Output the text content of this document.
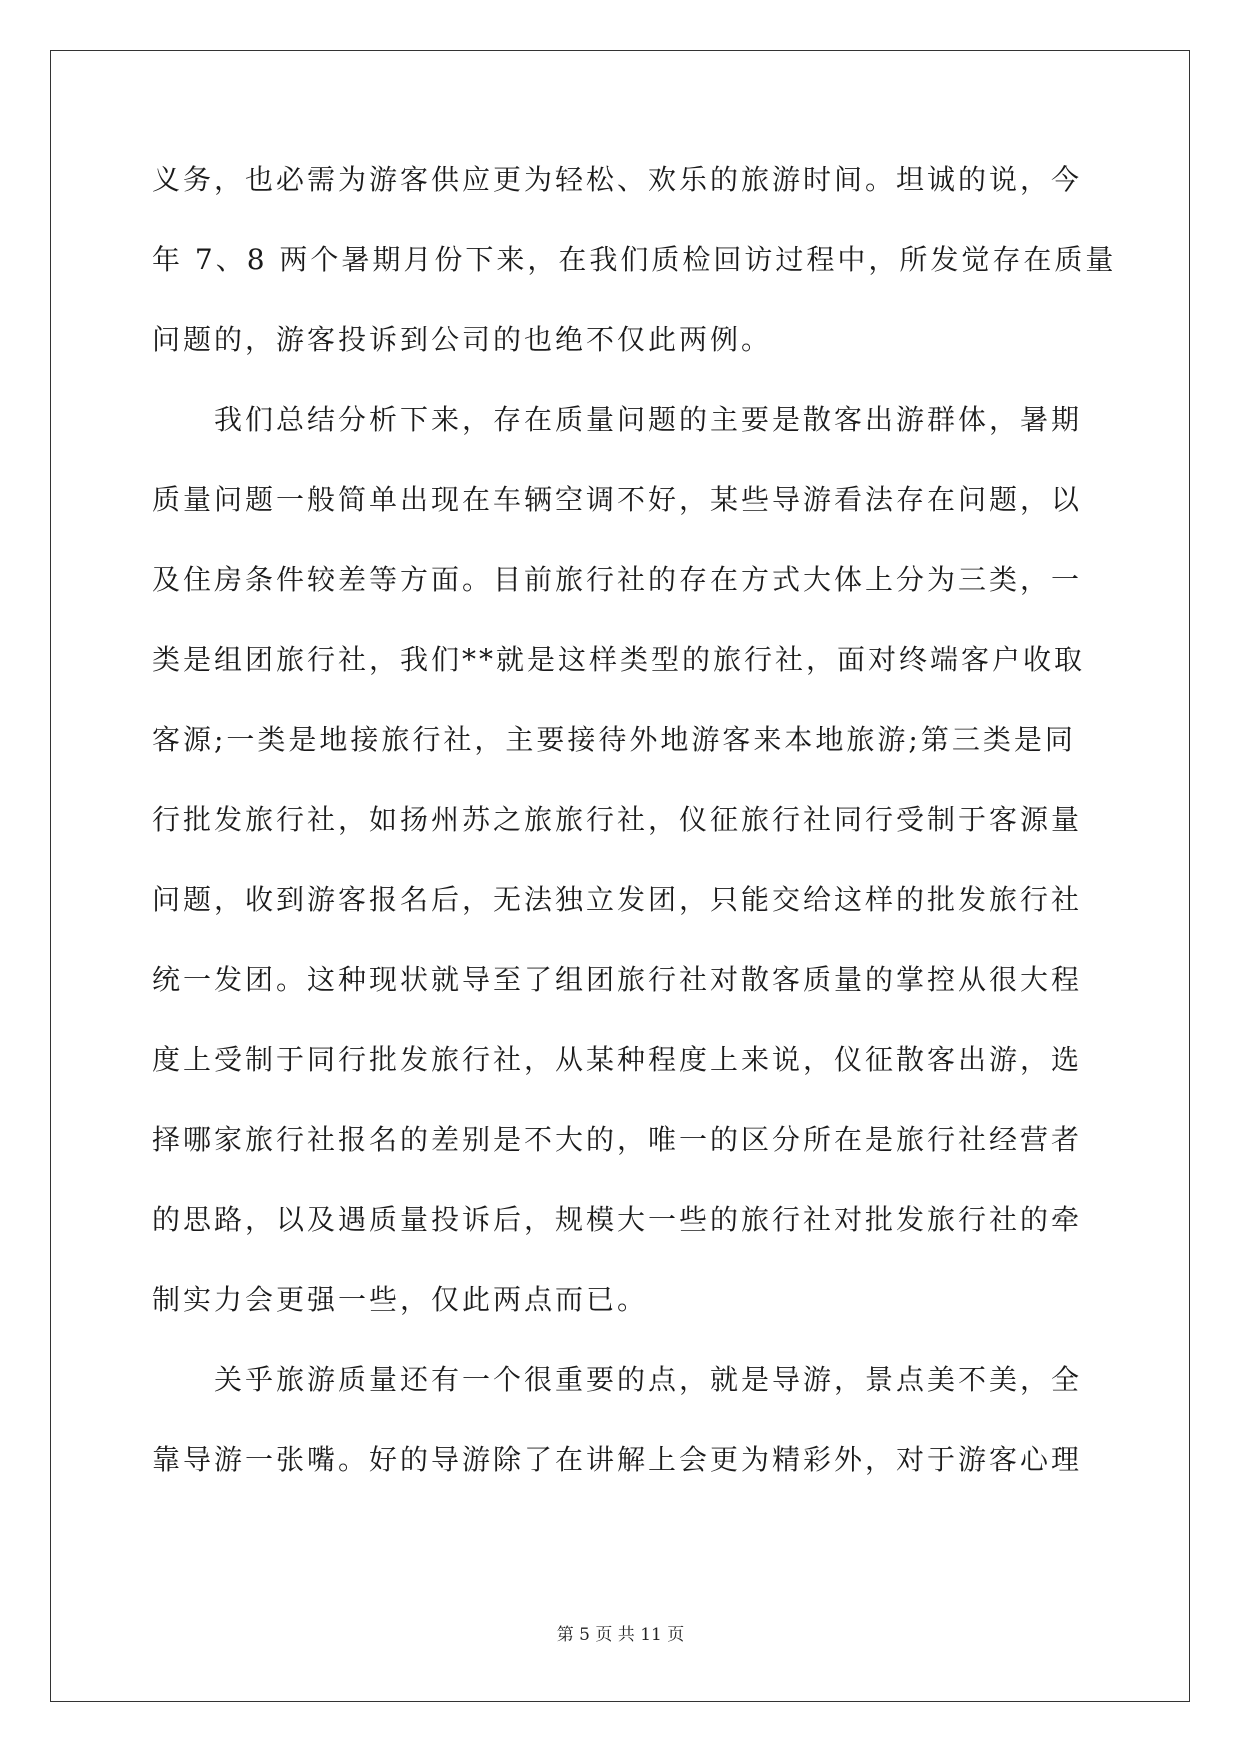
义务，也必需为游客供应更为轻松、欢乐的旅游时间。坦诚的说，今
年 7、8 两个暑期月份下来，在我们质检回访过程中，所发觉存在质量
问题的，游客投诉到公司的也绝不仅此两例。
我们总结分析下来，存在质量问题的主要是散客出游群体，暑期
质量问题一般简单出现在车辆空调不好，某些导游看法存在问题，以
及住房条件较差等方面。目前旅行社的存在方式大体上分为三类，一
类是组团旅行社，我们**就是这样类型的旅行社，面对终端客户收取
客源;一类是地接旅行社，主要接待外地游客来本地旅游;第三类是同
行批发旅行社，如扬州苏之旅旅行社，仪征旅行社同行受制于客源量
问题，收到游客报名后，无法独立发团，只能交给这样的批发旅行社
统一发团。这种现状就导至了组团旅行社对散客质量的掌控从很大程
度上受制于同行批发旅行社，从某种程度上来说，仪征散客出游，选
择哪家旅行社报名的差别是不大的，唯一的区分所在是旅行社经营者
的思路，以及遇质量投诉后，规模大一些的旅行社对批发旅行社的牵
制实力会更强一些，仅此两点而已。
关乎旅游质量还有一个很重要的点，就是导游，景点美不美，全
靠导游一张嘴。好的导游除了在讲解上会更为精彩外，对于游客心理
第 5 页 共 11 页
